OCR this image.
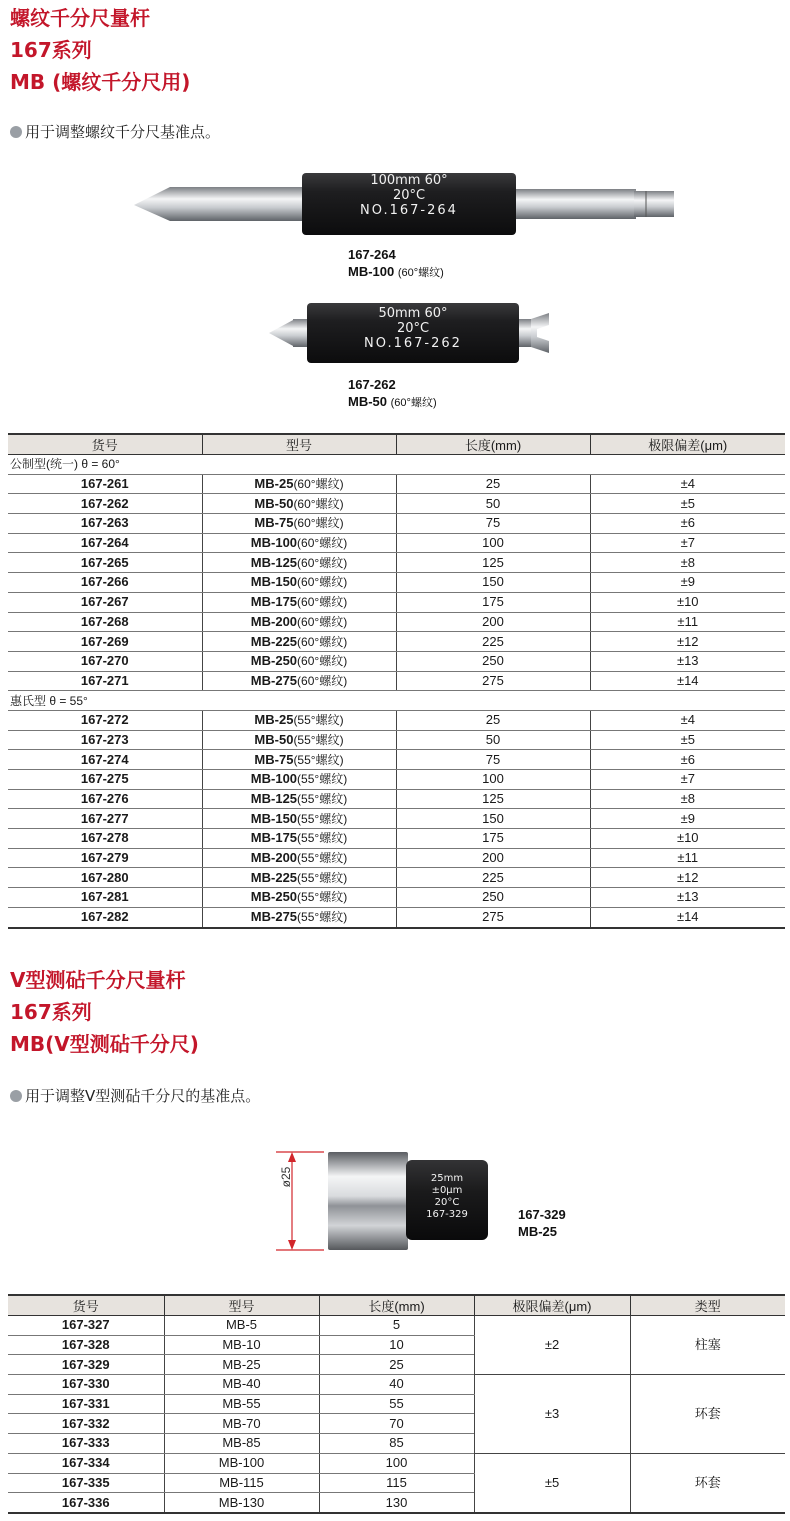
螺纹千分尺量杆
167系列
MB (螺纹千分尺用)
用于调整螺纹千分尺基准点。
100mm 60°
20°C
NO.167-264
167-264
MB-100 (60°螺纹)
50mm 60°
20°C
NO.167-262
167-262
MB-50 (60°螺纹)
货号	型号	长度(mm)	极限偏差(μm)
公制型(统一) θ = 60°			
167-261	MB-25(60°螺纹)	25	±4
167-262	MB-50(60°螺纹)	50	±5
167-263	MB-75(60°螺纹)	75	±6
167-264	MB-100(60°螺纹)	100	±7
167-265	MB-125(60°螺纹)	125	±8
167-266	MB-150(60°螺纹)	150	±9
167-267	MB-175(60°螺纹)	175	±10
167-268	MB-200(60°螺纹)	200	±11
167-269	MB-225(60°螺纹)	225	±12
167-270	MB-250(60°螺纹)	250	±13
167-271	MB-275(60°螺纹)	275	±14
惠氏型 θ = 55°			
167-272	MB-25(55°螺纹)	25	±4
167-273	MB-50(55°螺纹)	50	±5
167-274	MB-75(55°螺纹)	75	±6
167-275	MB-100(55°螺纹)	100	±7
167-276	MB-125(55°螺纹)	125	±8
167-277	MB-150(55°螺纹)	150	±9
167-278	MB-175(55°螺纹)	175	±10
167-279	MB-200(55°螺纹)	200	±11
167-280	MB-225(55°螺纹)	225	±12
167-281	MB-250(55°螺纹)	250	±13
167-282	MB-275(55°螺纹)	275	±14
V型测砧千分尺量杆
167系列
MB(V型测砧千分尺)
用于调整V型测砧千分尺的基准点。
ø25	25mm
±0μm
20°C
167-329	167-329
MB-25
货号	型号	长度(mm)	极限偏差(μm)	类型
167-327	MB-5	5	±2	柱塞
167-328	MB-10	10		
167-329	MB-25	25		
167-330	MB-40	40	±3	环套
167-331	MB-55	55		
167-332	MB-70	70		
167-333	MB-85	85		
167-334	MB-100	100	±5	环套
167-335	MB-115	115		
167-336	MB-130	130		
